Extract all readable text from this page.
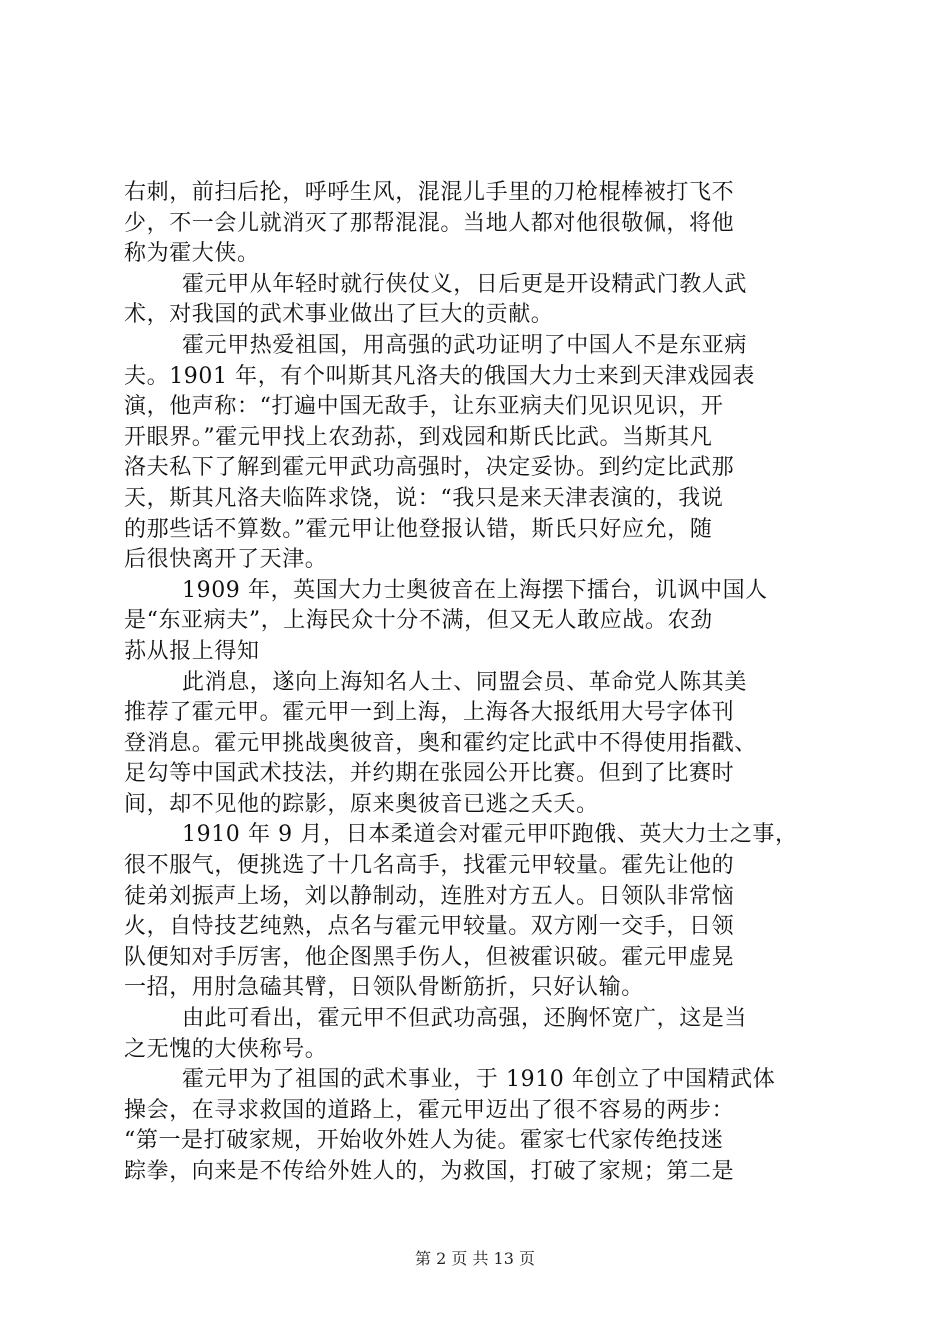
右刺，前扫后抡，呼呼生风，混混儿手里的刀枪棍棒被打飞不
少，不一会儿就消灭了那帮混混。当地人都对他很敬佩，将他
称为霍大侠。
霍元甲从年轻时就行侠仗义，日后更是开设精武门教人武
术，对我国的武术事业做出了巨大的贡献。
霍元甲热爱祖国，用高强的武功证明了中国人不是东亚病
夫。1901 年，有个叫斯其凡洛夫的俄国大力士来到天津戏园表
演，他声称：“打遍中国无敌手，让东亚病夫们见识见识，开
开眼界。”霍元甲找上农劲荪，到戏园和斯氏比武。当斯其凡
洛夫私下了解到霍元甲武功高强时，决定妥协。到约定比武那
天，斯其凡洛夫临阵求饶，说：“我只是来天津表演的，我说
的那些话不算数。”霍元甲让他登报认错，斯氏只好应允，随
后很快离开了天津。
1909 年，英国大力士奥彼音在上海摆下擂台，讥讽中国人
是“东亚病夫”，上海民众十分不满，但又无人敢应战。农劲
荪从报上得知
此消息，遂向上海知名人士、同盟会员、革命党人陈其美
推荐了霍元甲。霍元甲一到上海，上海各大报纸用大号字体刊
登消息。霍元甲挑战奥彼音，奥和霍约定比武中不得使用指戳、
足勾等中国武术技法，并约期在张园公开比赛。但到了比赛时
间，却不见他的踪影，原来奥彼音已逃之夭夭。
1910 年 9 月，日本柔道会对霍元甲吓跑俄、英大力士之事，
很不服气，便挑选了十几名高手，找霍元甲较量。霍先让他的
徒弟刘振声上场，刘以静制动，连胜对方五人。日领队非常恼
火，自恃技艺纯熟，点名与霍元甲较量。双方刚一交手，日领
队便知对手厉害，他企图黑手伤人，但被霍识破。霍元甲虚晃
一招，用肘急磕其臂，日领队骨断筋折，只好认输。
由此可看出，霍元甲不但武功高强，还胸怀宽广，这是当
之无愧的大侠称号。
霍元甲为了祖国的武术事业，于 1910 年创立了中国精武体
操会，在寻求救国的道路上，霍元甲迈出了很不容易的两步：
“第一是打破家规，开始收外姓人为徒。霍家七代家传绝技迷
踪拳，向来是不传给外姓人的，为救国，打破了家规；第二是
第 2 页 共 13 页
